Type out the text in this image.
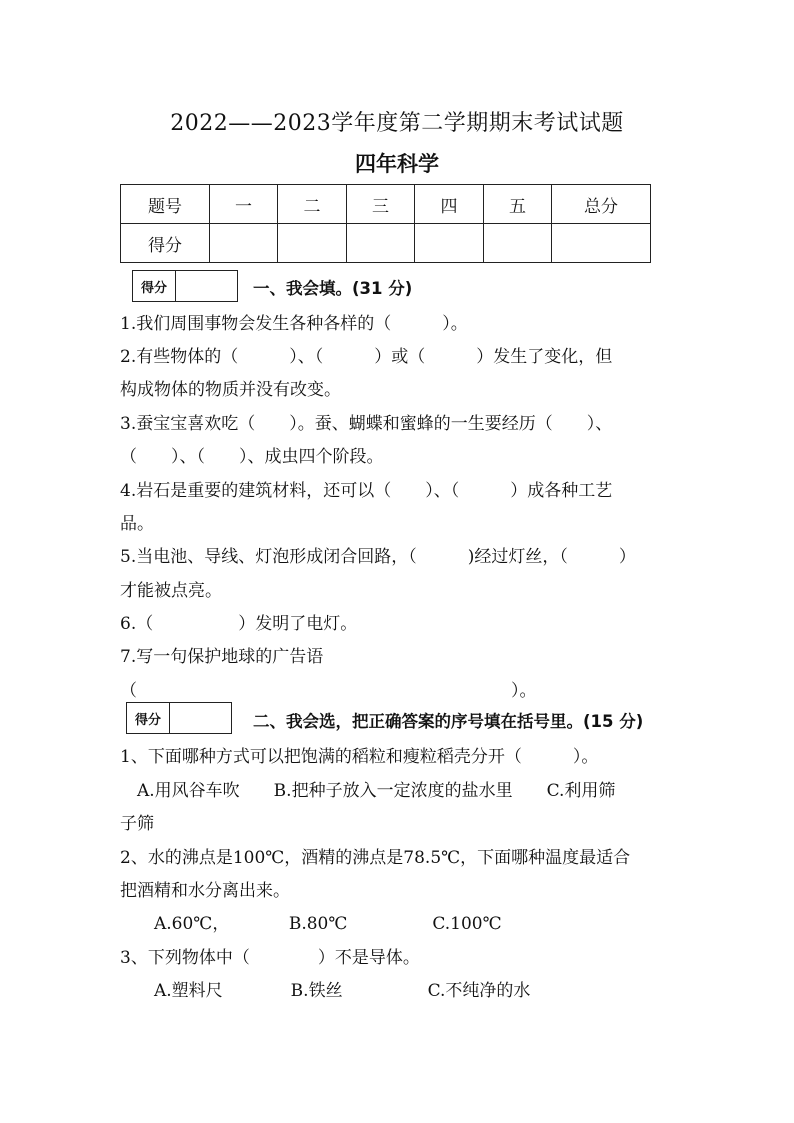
2022——2023学年度第二学期期末考试试题
四年科学
题号	一	二	三	四	五	总分
得分						
得分	一、我会填。(31 分)
1.我们周围事物会发生各种各样的（　　　）。
2.有些物体的（　　　）、（　　　）或（　　　）发生了变化，但
构成物体的物质并没有改变。
3.蚕宝宝喜欢吃（　　）。蚕、蝴蝶和蜜蜂的一生要经历（　　）、
（　　）、（　　）、成虫四个阶段。
4.岩石是重要的建筑材料，还可以（　　）、（　　　）成各种工艺
品。
5.当电池、导线、灯泡形成闭合回路，（　　　)经过灯丝，（　　　）
才能被点亮。
6.（　　　　　）发明了电灯。
7.写一句保护地球的广告语
（　　　　　　　　　　　　　　　　　　　　　　）。
得分	二、我会选，把正确答案的序号填在括号里。(15 分)
1、下面哪种方式可以把饱满的稻粒和瘦粒稻壳分开（　　　）。
　A.用风谷车吹　　B.把种子放入一定浓度的盐水里　　C.利用筛
子筛
2、水的沸点是100℃，酒精的沸点是78.5℃，下面哪种温度最适合
把酒精和水分离出来。
　　A.60℃，　　　　B.80℃　　　　　C.100℃
3、下列物体中（　　　　）不是导体。
　　A.塑料尺　　　　B.铁丝　　　　　C.不纯净的水
